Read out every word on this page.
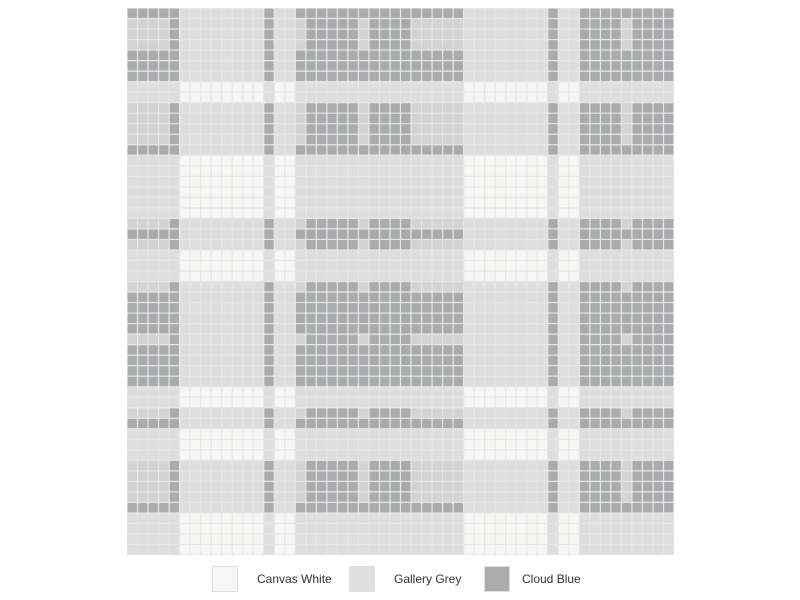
Canvas White	Gallery Grey	Cloud Blue
